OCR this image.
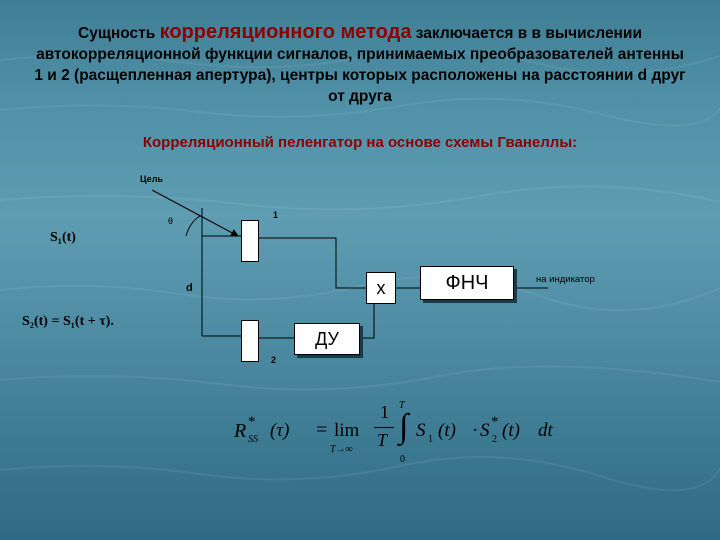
Сущность корреляционного метода заключается в в вычислении автокорреляционной функции сигналов, принимаемых преобразователей антенны 1 и 2 (расщепленная апертура), центры которых расположены на расстоянии d друг от друга
Корреляционный пеленгатор на основе схемы Гванеллы:
х	ФНЧ
ДУ
Цель
θ
1
2
d
S₁(t)
S₂(t) = S₁(t + τ).
на индикатор
R *
SS (τ) = lim
T→∞
1
T ∫
T
0
S 1 (t) · S *
2 (t) dt
